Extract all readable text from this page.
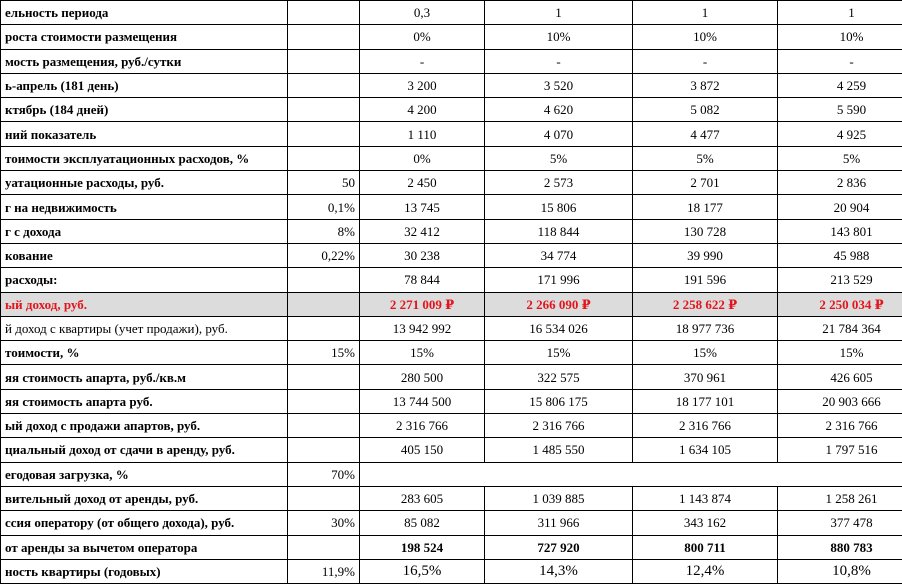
ельность периода		0,3	1	1	1
роста стоимости размещения		0%	10%	10%	10%
мость размещения, руб./сутки		-	-	-	-
ь-апрель (181 день)		3 200	3 520	3 872	4 259
ктябрь (184 дней)		4 200	4 620	5 082	5 590
ний показатель		1 110	4 070	4 477	4 925
тоимости эксплуатационных расходов, %		0%	5%	5%	5%
уатационные расходы, руб.	50	2 450	2 573	2 701	2 836
г на недвижимость	0,1%	13 745	15 806	18 177	20 904
г с дохода	8%	32 412	118 844	130 728	143 801
кование	0,22%	30 238	34 774	39 990	45 988
расходы:		78 844	171 996	191 596	213 529
ый доход, руб.		2 271 009 ₽	2 266 090 ₽	2 258 622 ₽	2 250 034 ₽
й доход с квартиры (учет продажи), руб.		13 942 992	16 534 026	18 977 736	21 784 364
тоимости, %	15%	15%	15%	15%	15%
яя стоимость апарта, руб./кв.м		280 500	322 575	370 961	426 605
яя стоимость апарта руб.		13 744 500	15 806 175	18 177 101	20 903 666
ый доход с продажи апартов, руб.		2 316 766	2 316 766	2 316 766	2 316 766
циальный доход от сдачи в аренду, руб.		405 150	1 485 550	1 634 105	1 797 516
егодовая загрузка, %	70%				
вительный доход от аренды, руб.		283 605	1 039 885	1 143 874	1 258 261
ссия оператору (от общего дохода), руб.	30%	85 082	311 966	343 162	377 478
от аренды за вычетом оператора		198 524	727 920	800 711	880 783
ность квартиры (годовых)	11,9%	16,5%	14,3%	12,4%	10,8%
